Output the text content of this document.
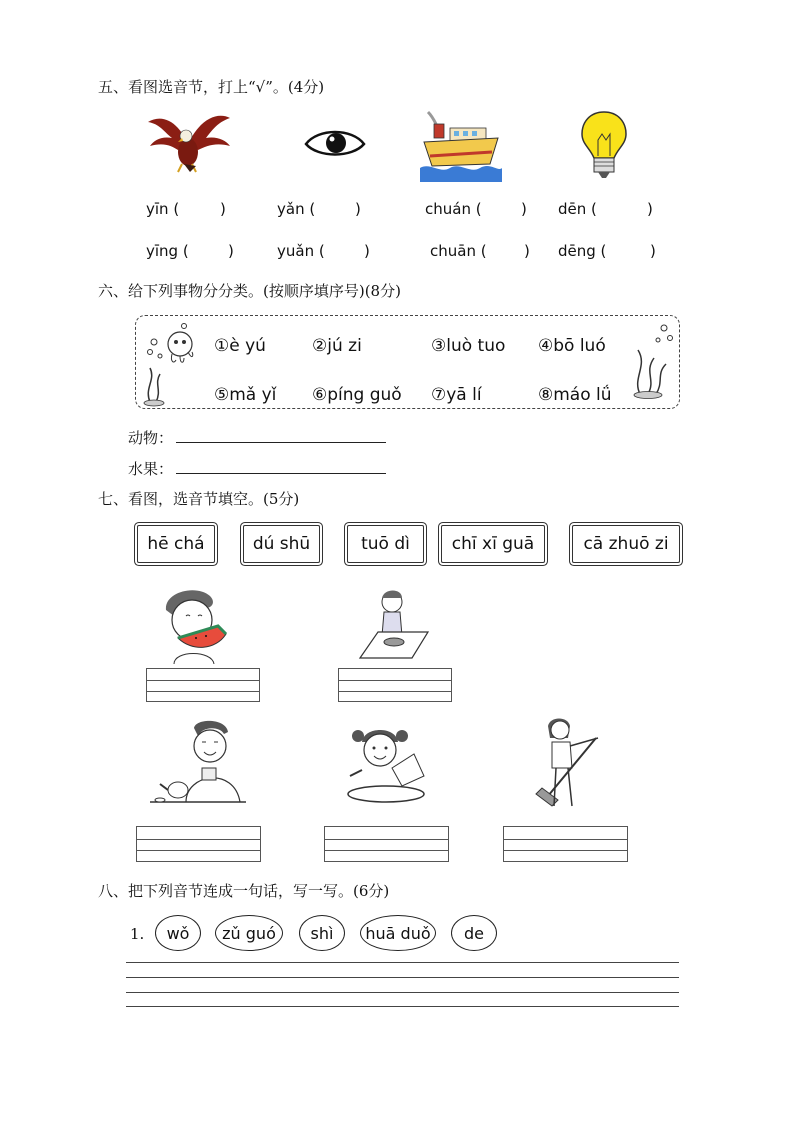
五、看图选音节，打上“√”。(4分)
yīn (	)	yǎn (	)	chuán (	) dēn (	)
yīng (	)	yuǎn (	)	chuān ( ) dēng (	)
六、给下列事物分分类。(按顺序填序号)(8分)
①è yú	②jú zi	③luò tuo ④bō luó
⑤mǎ yǐ ⑥píng guǒ ⑦yā lí	⑧máo lǘ
动物：
水果：
七、看图，选音节填空。(5分)
hē chá	dú shū	tuō dì	chī xī guā	cā zhuō zi
八、把下列音节连成一句话，写一写。(6分)
1.	wǒ	zǔ guó	shì	huā duǒ	de
